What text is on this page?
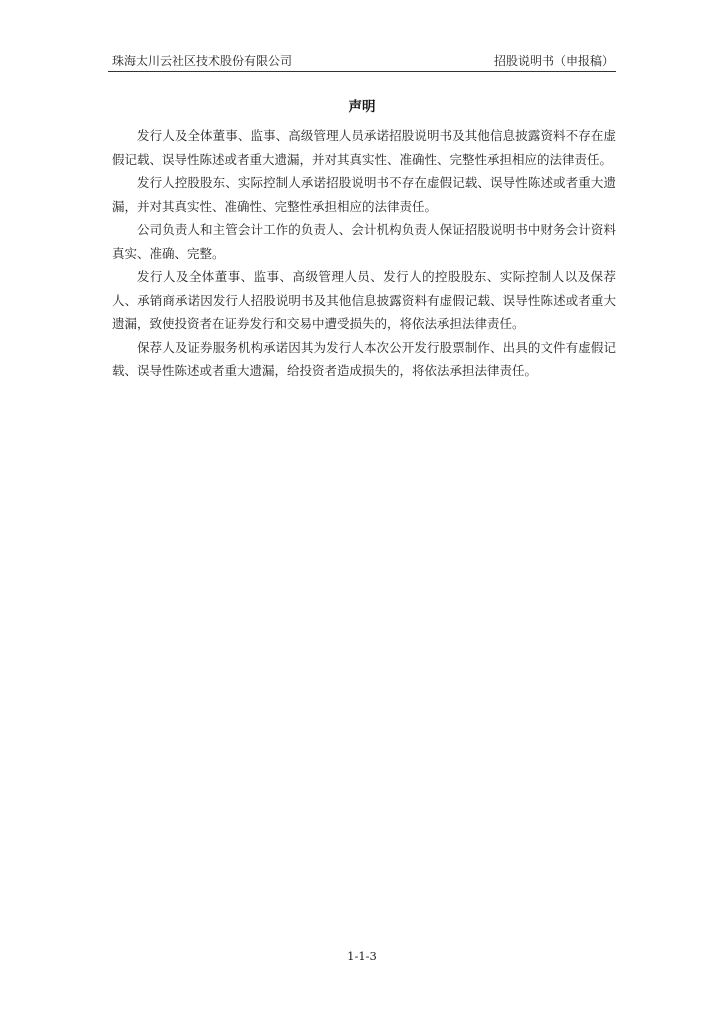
珠海太川云社区技术股份有限公司	招股说明书（申报稿）
声明

发行人及全体董事、监事、高级管理人员承诺招股说明书及其他信息披露资料不存在虚假记载、误导性陈述或者重大遗漏，并对其真实性、准确性、完整性承担相应的法律责任。

发行人控股股东、实际控制人承诺招股说明书不存在虚假记载、误导性陈述或者重大遗漏，并对其真实性、准确性、完整性承担相应的法律责任。

公司负责人和主管会计工作的负责人、会计机构负责人保证招股说明书中财务会计资料真实、准确、完整。

发行人及全体董事、监事、高级管理人员、发行人的控股股东、实际控制人以及保荐人、承销商承诺因发行人招股说明书及其他信息披露资料有虚假记载、误导性陈述或者重大遗漏，致使投资者在证券发行和交易中遭受损失的，将依法承担法律责任。

保荐人及证券服务机构承诺因其为发行人本次公开发行股票制作、出具的文件有虚假记载、误导性陈述或者重大遗漏，给投资者造成损失的，将依法承担法律责任。

1-1-3
